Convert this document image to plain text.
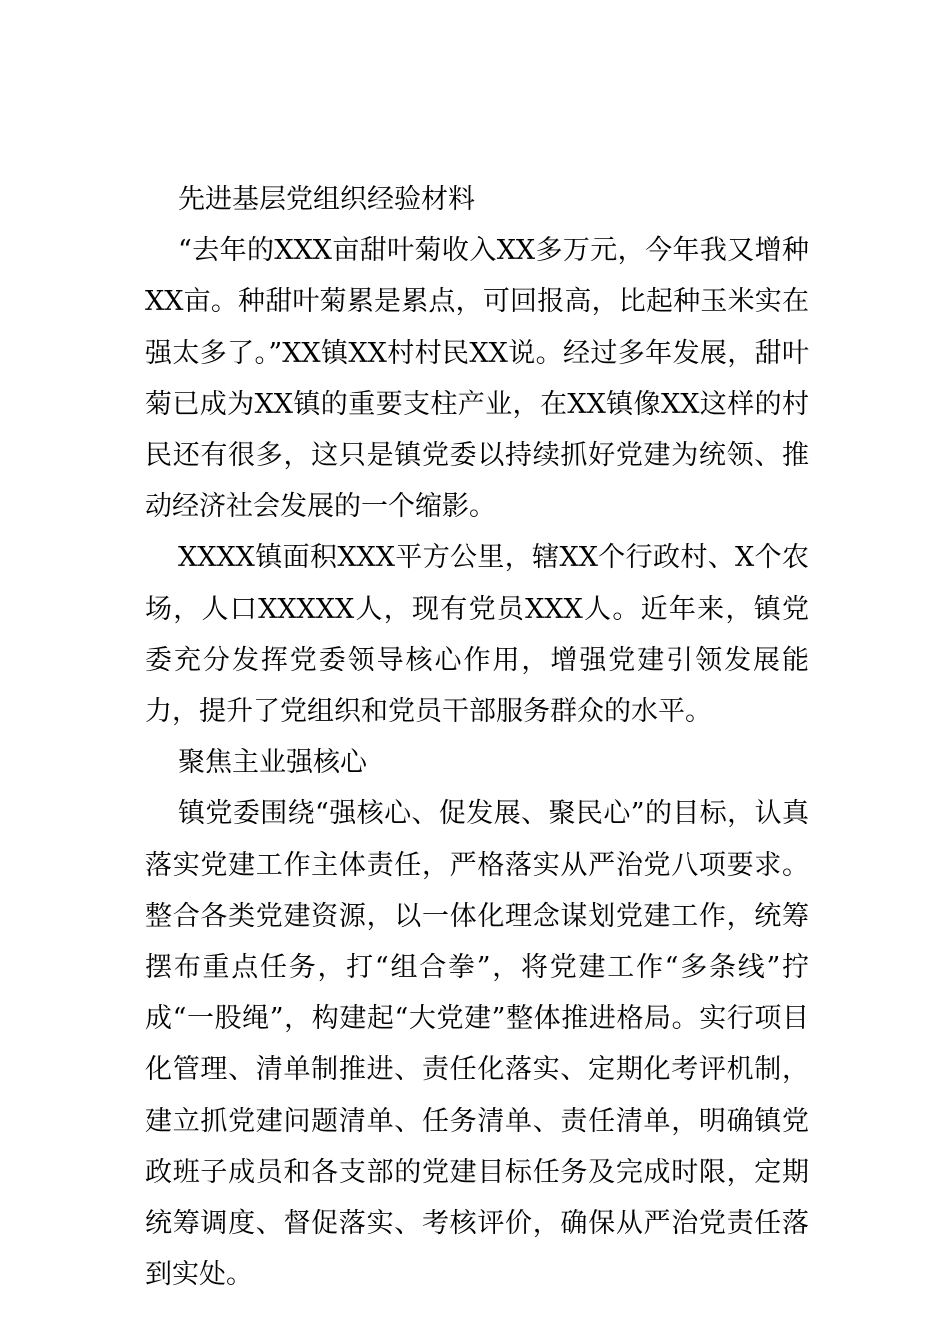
先进基层党组织经验材料

“去年的XXX亩甜叶菊收入XX多万元，今年我又增种XX亩。种甜叶菊累是累点，可回报高，比起种玉米实在强太多了。”XX镇XX村村民XX说。经过多年发展，甜叶菊已成为XX镇的重要支柱产业，在XX镇像XX这样的村民还有很多，这只是镇党委以持续抓好党建为统领、推动经济社会发展的一个缩影。

XXXX镇面积XXX平方公里，辖XX个行政村、X个农场，人口XXXXX人，现有党员XXX人。近年来，镇党委充分发挥党委领导核心作用，增强党建引领发展能力，提升了党组织和党员干部服务群众的水平。

聚焦主业强核心

镇党委围绕“强核心、促发展、聚民心”的目标，认真落实党建工作主体责任，严格落实从严治党八项要求。整合各类党建资源，以一体化理念谋划党建工作，统筹摆布重点任务，打“组合拳”，将党建工作“多条线”拧成“一股绳”，构建起“大党建”整体推进格局。实行项目化管理、清单制推进、责任化落实、定期化考评机制，建立抓党建问题清单、任务清单、责任清单，明确镇党政班子成员和各支部的党建目标任务及完成时限，定期统筹调度、督促落实、考核评价，确保从严治党责任落到实处。
